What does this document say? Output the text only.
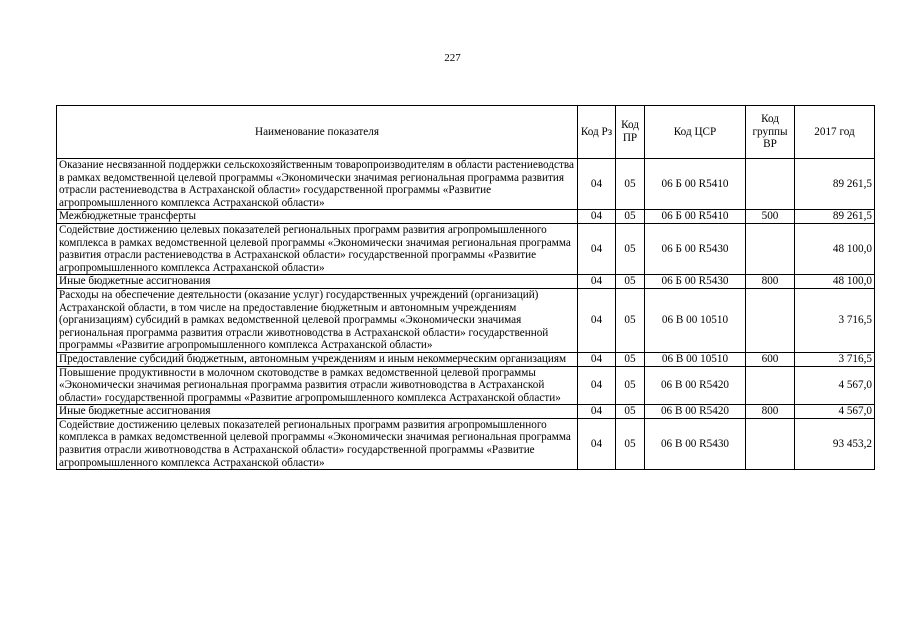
227
Наименование показателя	Код Рз	Код ПР	Код ЦСР	Код группы ВР	2017 год
Оказание несвязанной поддержки сельскохозяйственным товаропроизводителям в области растениеводства в рамках ведомственной целевой программы «Экономически значимая региональная программа развития отрасли растениеводства в Астраханской области» государственной программы «Развитие агропромышленного комплекса Астраханской области»	04	05	06 Б 00 R5410		89 261,5
Межбюджетные трансферты	04	05	06 Б 00 R5410	500	89 261,5
Содействие достижению целевых показателей региональных программ развития агропромышленного комплекса в рамках ведомственной целевой программы «Экономически значимая региональная программа развития отрасли растениеводства в Астраханской области» государственной программы «Развитие агропромышленного комплекса Астраханской области»	04	05	06 Б 00 R5430		48 100,0
Иные бюджетные ассигнования	04	05	06 Б 00 R5430	800	48 100,0
Расходы на обеспечение деятельности (оказание услуг) государственных учреждений (организаций) Астраханской области, в том числе на предоставление бюджетным и автономным учреждениям (организациям) субсидий в рамках ведомственной целевой программы «Экономически значимая региональная программа развития отрасли животноводства в Астраханской области» государственной программы «Развитие агропромышленного комплекса Астраханской области»	04	05	06 В 00 10510		3 716,5
Предоставление субсидий бюджетным, автономным учреждениям и иным некоммерческим организациям	04	05	06 В 00 10510	600	3 716,5
Повышение продуктивности в молочном скотоводстве в рамках ведомственной целевой программы «Экономически значимая региональная программа развития отрасли животноводства в Астраханской области» государственной программы «Развитие агропромышленного комплекса Астраханской области»	04	05	06 В 00 R5420		4 567,0
Иные бюджетные ассигнования	04	05	06 В 00 R5420	800	4 567,0
Содействие достижению целевых показателей региональных программ развития агропромышленного комплекса в рамках ведомственной целевой программы «Экономически значимая региональная программа развития отрасли животноводства в Астраханской области» государственной программы «Развитие агропромышленного комплекса Астраханской области»	04	05	06 В 00 R5430		93 453,2
